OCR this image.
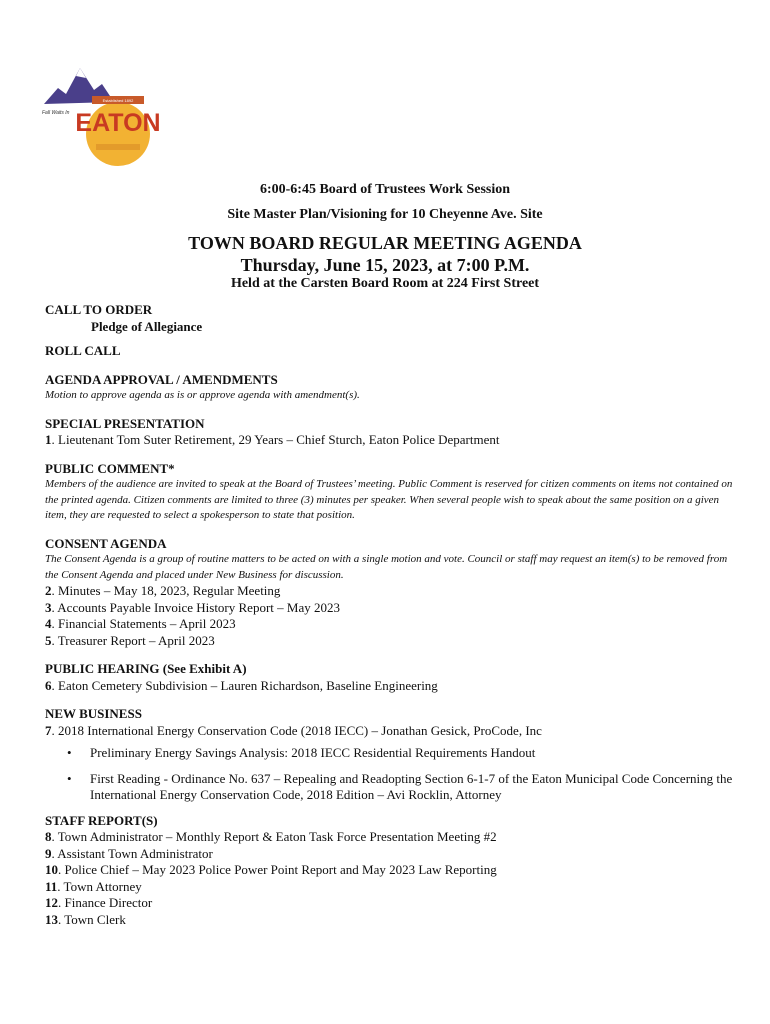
Established 1892
Fall Waits In EATON
6:00-6:45 Board of Trustees Work Session
Site Master Plan/Visioning for 10 Cheyenne Ave. Site
TOWN BOARD REGULAR MEETING AGENDA
Thursday, June 15, 2023, at 7:00 P.M.
Held at the Carsten Board Room at 224 First Street
CALL TO ORDER
Pledge of Allegiance
ROLL CALL
AGENDA APPROVAL / AMENDMENTS
Motion to approve agenda as is or approve agenda with amendment(s).
SPECIAL PRESENTATION
1. Lieutenant Tom Suter Retirement, 29 Years – Chief Sturch, Eaton Police Department
PUBLIC COMMENT*
Members of the audience are invited to speak at the Board of Trustees’ meeting. Public Comment is reserved for citizen comments on items not contained on the printed agenda. Citizen comments are limited to three (3) minutes per speaker. When several people wish to speak about the same position on a given item, they are requested to select a spokesperson to state that position.
CONSENT AGENDA
The Consent Agenda is a group of routine matters to be acted on with a single motion and vote. Council or staff may request an item(s) to be removed from the Consent Agenda and placed under New Business for discussion.
2. Minutes – May 18, 2023, Regular Meeting
3. Accounts Payable Invoice History Report – May 2023
4. Financial Statements – April 2023
5. Treasurer Report – April 2023
PUBLIC HEARING (See Exhibit A)
6. Eaton Cemetery Subdivision – Lauren Richardson, Baseline Engineering
NEW BUSINESS
7. 2018 International Energy Conservation Code (2018 IECC) – Jonathan Gesick, ProCode, Inc
• Preliminary Energy Savings Analysis: 2018 IECC Residential Requirements Handout
• First Reading - Ordinance No. 637 – Repealing and Readopting Section 6-1-7 of the Eaton Municipal Code Concerning the International Energy Conservation Code, 2018 Edition – Avi Rocklin, Attorney
STAFF REPORT(S)
8. Town Administrator – Monthly Report & Eaton Task Force Presentation Meeting #2
9. Assistant Town Administrator
10. Police Chief – May 2023 Police Power Point Report and May 2023 Law Reporting
11. Town Attorney
12. Finance Director
13. Town Clerk
